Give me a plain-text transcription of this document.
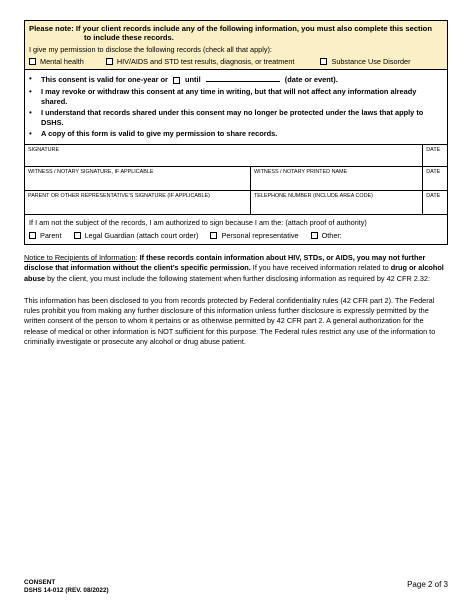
Please note: If your client records include any of the following information, you must also complete this section
to include these records.
I give my permission to disclose the following records (check all that apply):
Mental health	HIV/AIDS and STD test results, diagnosis, or treatment	Substance Use Disorder
•	This consent is valid for one-year or until	(date or event).
•	I may revoke or withdraw this consent at any time in writing, but that will not affect any information already shared.
•	I understand that records shared under this consent may no longer be protected under the laws that apply to DSHS.
•	A copy of this form is valid to give my permission to share records.
SIGNATURE		DATE
WITNESS / NOTARY SIGNATURE, IF APPLICABLE	WITNESS / NOTARY PRINTED NAME	DATE
PARENT OR OTHER REPRESENTATIVE’S SIGNATURE (IF APPLICABLE)	TELEPHONE NUMBER (INCLUDE AREA CODE)	DATE
If I am not the subject of the records, I am authorized to sign because I am the: (attach proof of authority)
Parent	Legal Guardian (attach court order)	Personal representative	Other:
Notice to Recipients of Information: If these records contain information about HIV, STDs, or AIDS, you may not further disclose that information without the client’s specific permission. If you have received information related to drug or alcohol abuse by the client, you must include the following statement when further disclosing information as required by 42 CFR 2.32:
This information has been disclosed to you from records protected by Federal confidentiality rules (42 CFR part 2). The Federal rules prohibit you from making any further disclosure of this information unless further disclosure is expressly permitted by the written consent of the person to whom it pertains or as otherwise permitted by 42 CFR part 2. A general authorization for the release of medical or other information is NOT sufficient for this purpose. The Federal rules restrict any use of the information to criminally investigate or prosecute any alcohol or drug abuse patient.
CONSENT
DSHS 14-012 (REV. 08/2022)
Page 2 of 3
